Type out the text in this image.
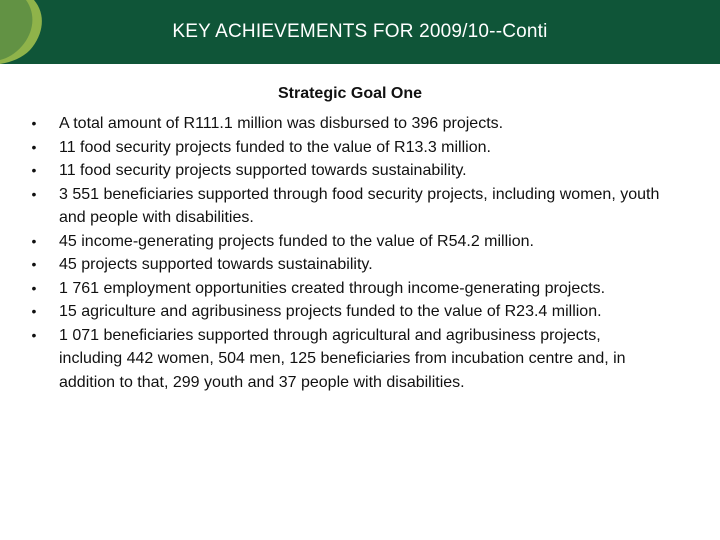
KEY ACHIEVEMENTS FOR 2009/10--Conti
Strategic Goal One
• A total amount of R111.1 million was disbursed to 396 projects.
• 11 food security projects funded to the value of R13.3 million.
• 11 food security projects supported towards sustainability.
• 3 551 beneficiaries supported through food security projects, including women, youth and people with disabilities.
• 45 income-generating projects funded to the value of R54.2 million.
• 45 projects supported towards sustainability.
• 1 761 employment opportunities created through income-generating projects.
• 15 agriculture and agribusiness projects funded to the value of R23.4 million.
• 1 071 beneficiaries supported through agricultural and agribusiness projects, including 442 women, 504 men, 125 beneficiaries from incubation centre and, in addition to that, 299 youth and 37 people with disabilities.
